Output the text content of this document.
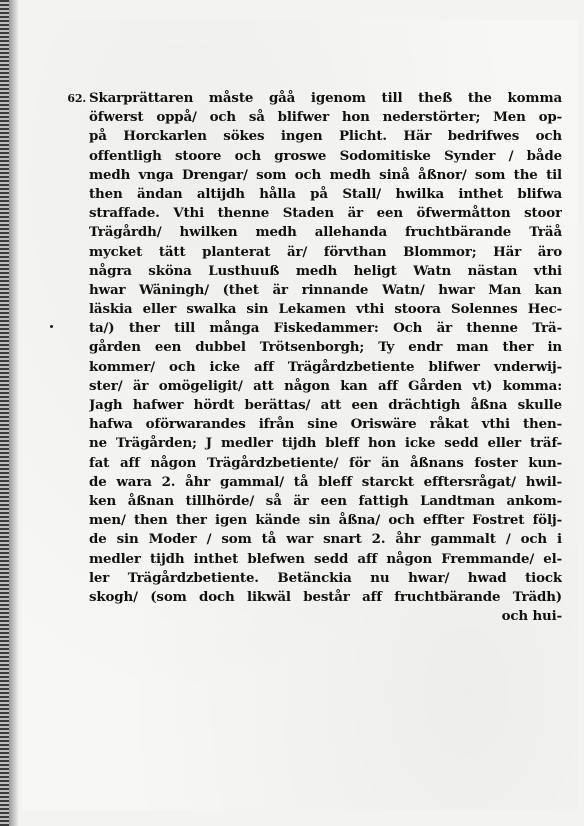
62. Skarprättaren måste gåå igenom till theß the komma
öfwerst oppå/ och så blifwer hon nederstörter; Men op-
på Horckarlen sökes ingen Plicht. Här bedrifwes och
offentligh stoore och groswe Sodomitiske Synder / både
medh vnga Drengar/ som och medh sinå åßnor/ som the til
then ändan altijdh hålla på Stall/ hwilka inthet blifwa
straffade. Vthi thenne Staden är een öfwermåtton stoor
Trägårdh/ hwilken medh allehanda fruchtbärande Träå
mycket tätt planterat är/ förvthan Blommor; Här äro
några sköna Lusthuuß medh heligt Watn nästan vthi
hwar Wäningh/ (thet är rinnande Watn/ hwar Man kan
läskia eller swalka sin Lekamen vthi stoora Solennes Hec-
ta/) ther till många Fiskedammer: Och är thenne Trä-
gården een dubbel Trötsenborgh; Ty endr man ther in
kommer/ och icke aff Trägårdzbetiente blifwer vnderwij-
ster/ är omögeligit/ att någon kan aff Gården vt) komma:
Jagh hafwer hördt berättas/ att een drächtigh åßna skulle
hafwa oförwarandes ifrån sine Oriswäre råkat vthi then-
ne Trägården; J medler tijdh bleff hon icke sedd eller träf-
fat aff någon Trägårdzbetiente/ för än åßnans foster kun-
de wara 2. åhr gammal/ tå bleff starckt efftersrågat/ hwil-
ken åßnan tillhörde/ så är een fattigh Landtman ankom-
men/ then ther igen kände sin åßna/ och effter Fostret följ-
de sin Moder / som tå war snart 2. åhr gammalt / och i
medler tijdh inthet blefwen sedd aff någon Fremmande/ el-
ler Trägårdzbetiente. Betänckia nu hwar/ hwad tiock
skogh/ (som doch likwäl består aff fruchtbärande Trädh)
och hui-
